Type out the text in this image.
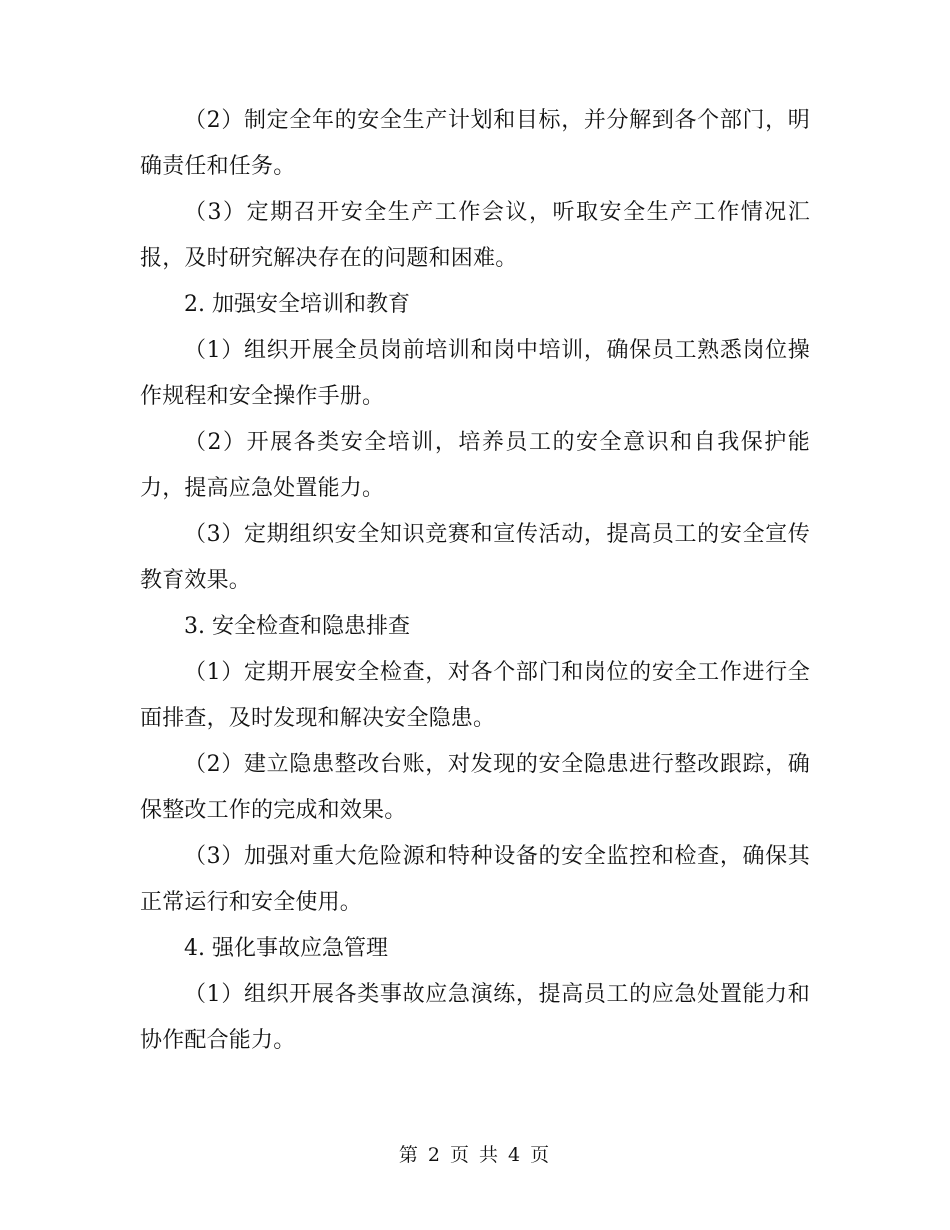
（2）制定全年的安全生产计划和目标，并分解到各个部门，明确责任和任务。

（3）定期召开安全生产工作会议，听取安全生产工作情况汇报，及时研究解决存在的问题和困难。

2. 加强安全培训和教育

（1）组织开展全员岗前培训和岗中培训，确保员工熟悉岗位操作规程和安全操作手册。

（2）开展各类安全培训，培养员工的安全意识和自我保护能力，提高应急处置能力。

（3）定期组织安全知识竞赛和宣传活动，提高员工的安全宣传教育效果。

3. 安全检查和隐患排查

（1）定期开展安全检查，对各个部门和岗位的安全工作进行全面排查，及时发现和解决安全隐患。

（2）建立隐患整改台账，对发现的安全隐患进行整改跟踪，确保整改工作的完成和效果。

（3）加强对重大危险源和特种设备的安全监控和检查，确保其正常运行和安全使用。

4. 强化事故应急管理

（1）组织开展各类事故应急演练，提高员工的应急处置能力和协作配合能力。

第 2 页 共 4 页
